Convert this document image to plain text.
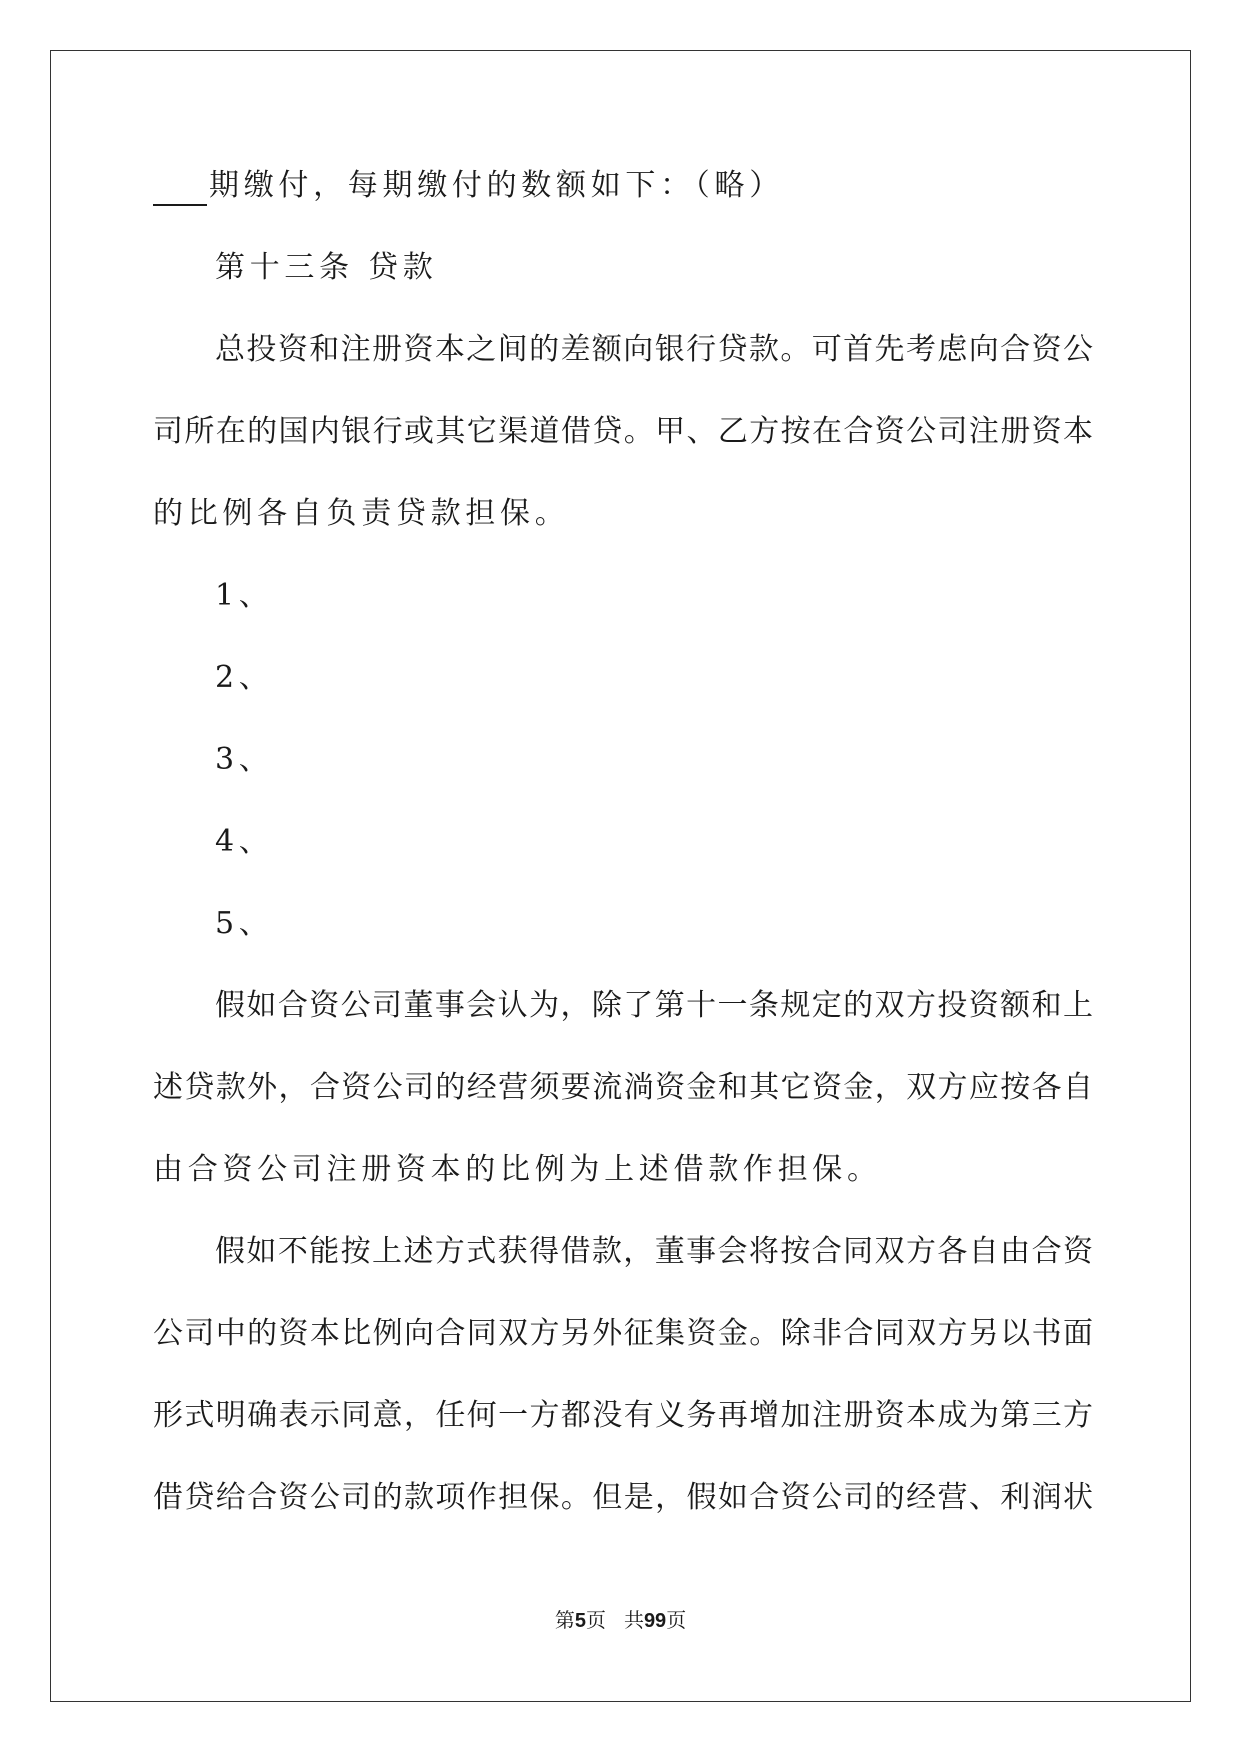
期缴付，每期缴付的数额如下：（略）
第十三条 贷款
总投资和注册资本之间的差额向银行贷款。可首先考虑向合资公
司所在的国内银行或其它渠道借贷。甲、乙方按在合资公司注册资本
的比例各自负责贷款担保。
1、
2、
3、
4、
5、
假如合资公司董事会认为，除了第十一条规定的双方投资额和上
述贷款外，合资公司的经营须要流淌资金和其它资金，双方应按各自
由合资公司注册资本的比例为上述借款作担保。
假如不能按上述方式获得借款，董事会将按合同双方各自由合资
公司中的资本比例向合同双方另外征集资金。除非合同双方另以书面
形式明确表示同意，任何一方都没有义务再增加注册资本成为第三方
借贷给合资公司的款项作担保。但是，假如合资公司的经营、利润状
第5页 共99页
